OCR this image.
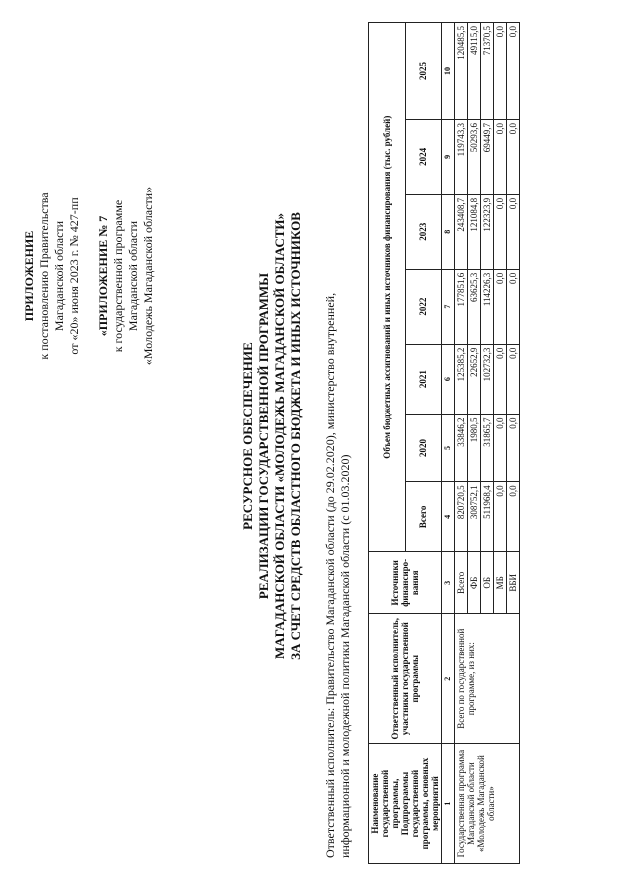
ПРИЛОЖЕНИЕ к постановлению Правительства Магаданской области от «20» июня 2023 г. № 427-пп «ПРИЛОЖЕНИЕ № 7 к государственной программе Магаданской области «Молодежь Магаданской области»
РЕСУРСНОЕ ОБЕСПЕЧЕНИЕ РЕАЛИЗАЦИИ ГОСУДАРСТВЕННОЙ ПРОГРАММЫ МАГАДАНСКОЙ ОБЛАСТИ «МОЛОДЕЖЬ МАГАДАНСКОЙ ОБЛАСТИ» ЗА СЧЕТ СРЕДСТВ ОБЛАСТНОГО БЮДЖЕТА И ИНЫХ ИСТОЧНИКОВ Ответственный исполнитель: Правительство Магаданской области (до 29.02.2020), министерство внутренней, информационной и молодежной политики Магаданской области (с 01.03.2020) Наименование государственной программы, Подпрограммы государственной программы, основных мероприятий	Ответственный исполнитель, участники государственной программы	Источники финансиро-вания	Объем бюджетных ассигнований и иных источников финансирования (тыс. рублей)						
			Всего	2020	2021	2022	2023	2024	2025
1	2	3	4	5	6	7	8	9	10
Государственная программа Магаданской области «Молодежь Магаданской области»	Всего по государственной программе, из них:	Всего	820720,5	33846,2	125385,2	177851,6	243408,7	119743,3	120485,5
		ФБ	308752,1	1980,5	22652,9	63625,3	121084,8	50293,6	49115,0
		ОБ	511968,4	31865,7	102732,3	114226,3	122323,9	69449,7	71370,5
		МБ	0,0	0,0	0,0	0,0	0,0	0,0	0,0
		ВБИ	0,0	0,0	0,0	0,0	0,0	0,0	0,0
